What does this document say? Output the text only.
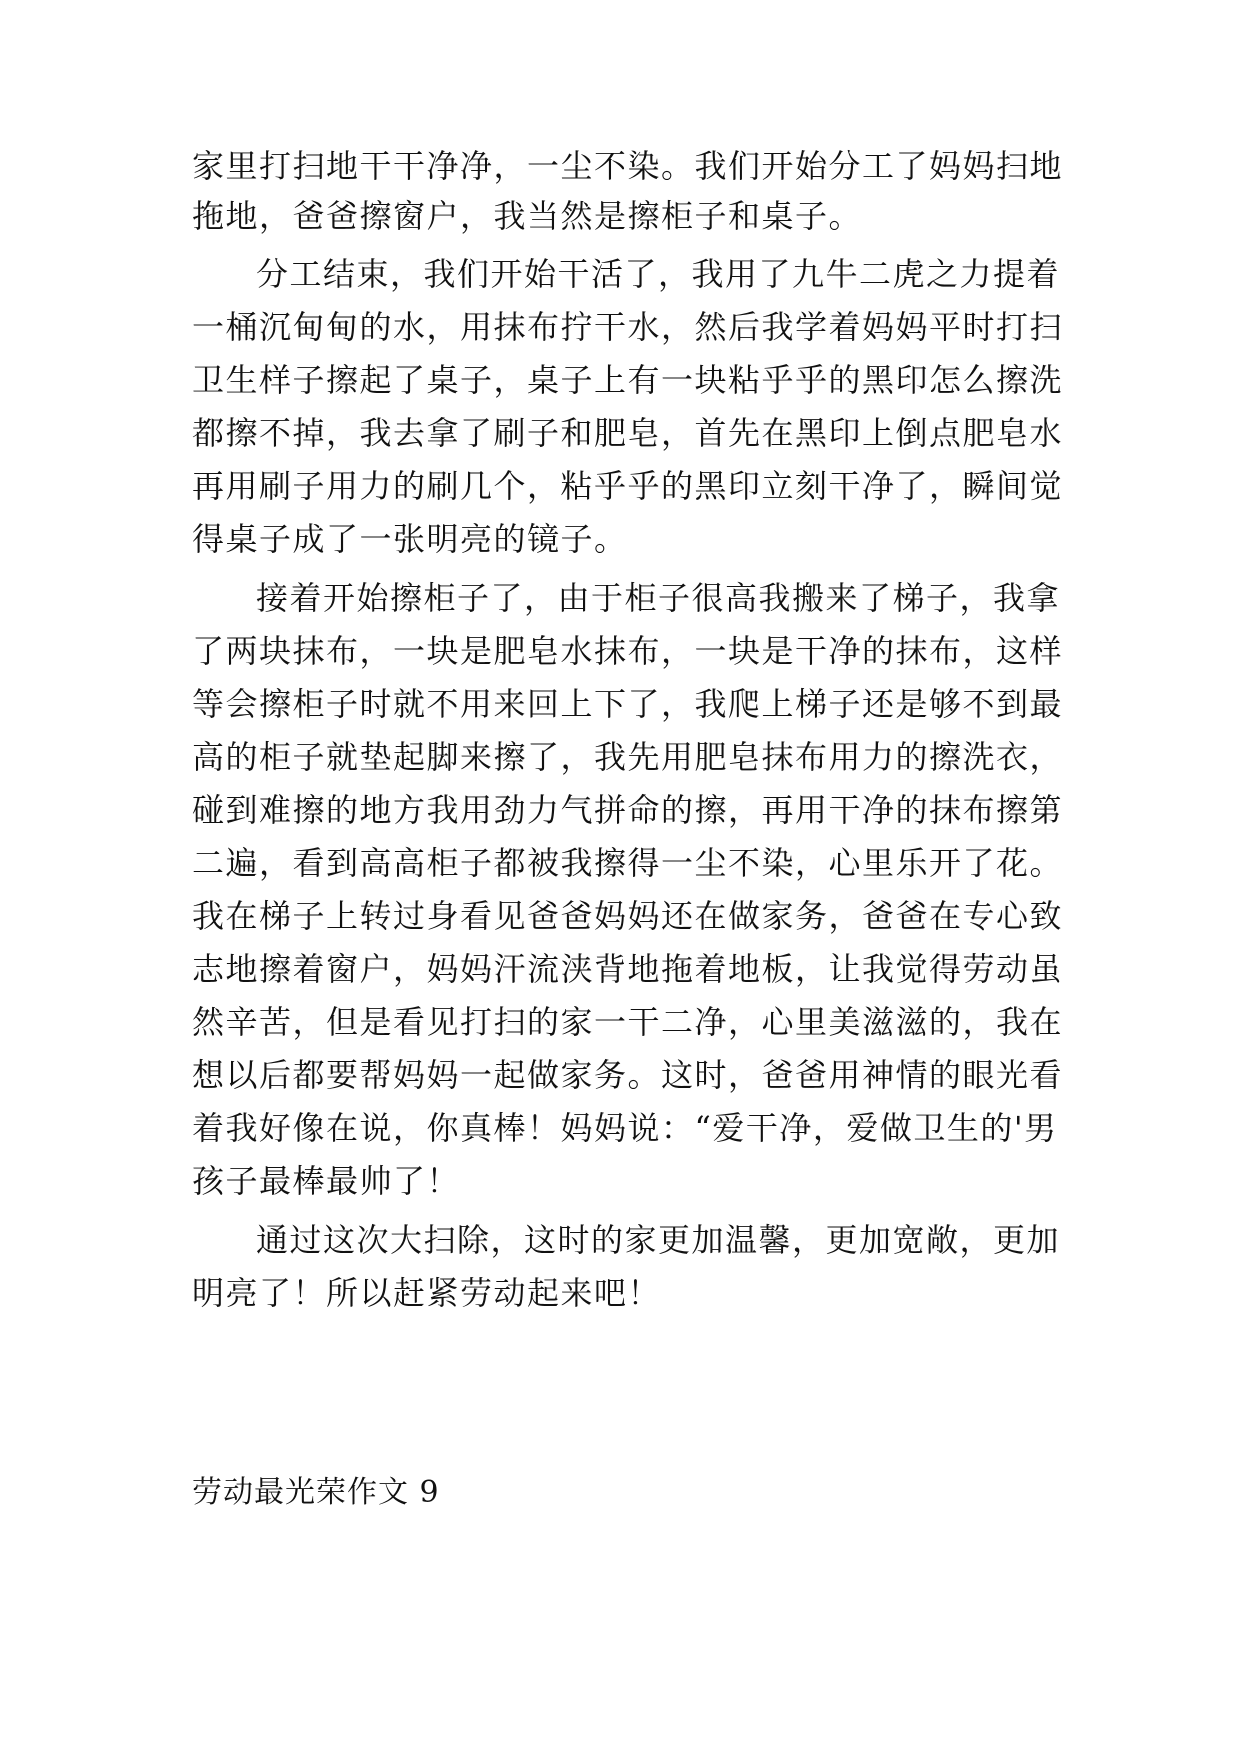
家里打扫地干干净净，一尘不染。我们开始分工了妈妈扫地
拖地，爸爸擦窗户，我当然是擦柜子和桌子。
分工结束，我们开始干活了，我用了九牛二虎之力提着
一桶沉甸甸的水，用抹布拧干水，然后我学着妈妈平时打扫
卫生样子擦起了桌子，桌子上有一块粘乎乎的黑印怎么擦洗
都擦不掉，我去拿了刷子和肥皂，首先在黑印上倒点肥皂水
再用刷子用力的刷几个，粘乎乎的黑印立刻干净了，瞬间觉
得桌子成了一张明亮的镜子。
接着开始擦柜子了，由于柜子很高我搬来了梯子，我拿
了两块抹布，一块是肥皂水抹布，一块是干净的抹布，这样
等会擦柜子时就不用来回上下了，我爬上梯子还是够不到最
高的柜子就垫起脚来擦了，我先用肥皂抹布用力的擦洗衣，
碰到难擦的地方我用劲力气拼命的擦，再用干净的抹布擦第
二遍，看到高高柜子都被我擦得一尘不染，心里乐开了花。
我在梯子上转过身看见爸爸妈妈还在做家务，爸爸在专心致
志地擦着窗户，妈妈汗流浃背地拖着地板，让我觉得劳动虽
然辛苦，但是看见打扫的家一干二净，心里美滋滋的，我在
想以后都要帮妈妈一起做家务。这时，爸爸用神情的眼光看
着我好像在说，你真棒！妈妈说：“爱干净，爱做卫生的'男
孩子最棒最帅了！
通过这次大扫除，这时的家更加温馨，更加宽敞，更加
明亮了！所以赶紧劳动起来吧！
劳动最光荣作文 9
